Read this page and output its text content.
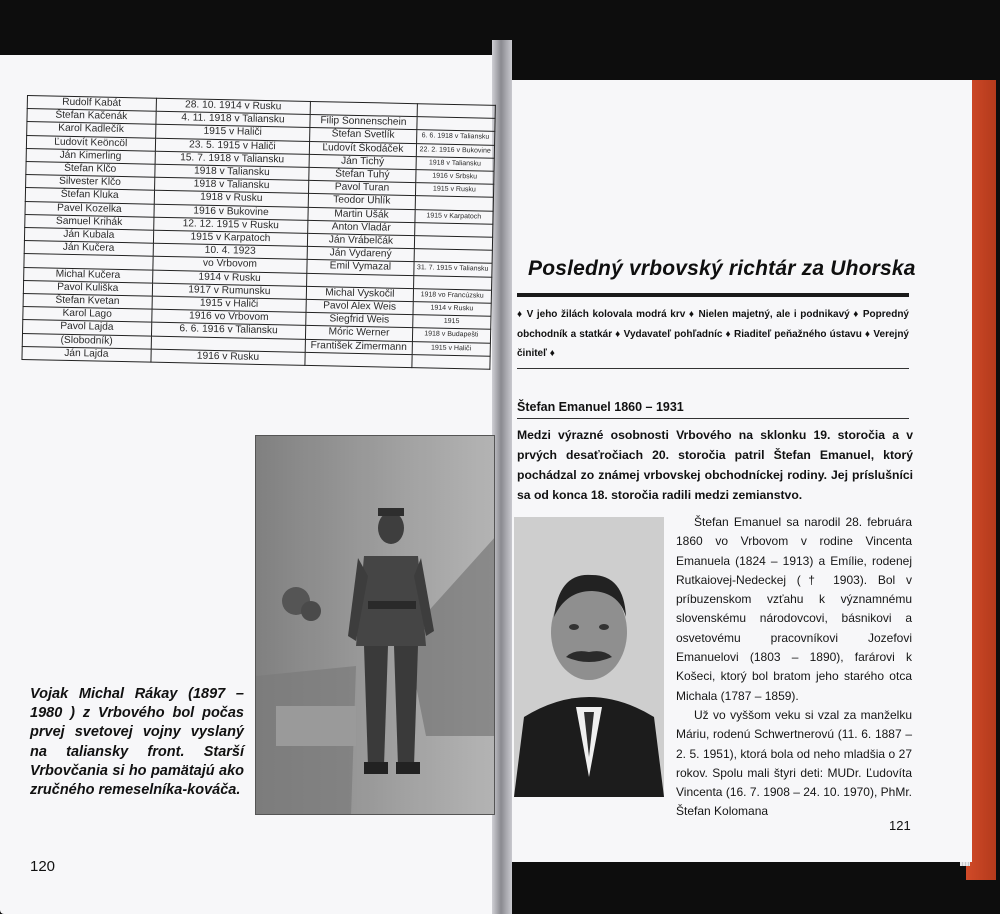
Rudolf Kabát	28. 10. 1914 v Rusku		
Štefan Kačenák	4. 11. 1918 v Taliansku	Filip Sonnenschein	
Karol Kadlečík	1915 v Haliči	Štefan Svetlík	6. 6. 1918 v Taliansku
Ľudovít Keöncöl	23. 5. 1915 v Haliči	Ľudovít Škodáček	22. 2. 1916 v Bukovine
Ján Kimerling	15. 7. 1918 v Taliansku	Ján Tichý	1918 v Taliansku
Štefan Klčo	1918 v Taliansku	Štefan Tuhý	1916 v Srbsku
Silvester Klčo	1918 v Taliansku	Pavol Turan	1915 v Rusku
Štefan Kluka	1918 v Rusku	Teodor Uhlík	
Pavel Kozelka	1916 v Bukovine	Martin Ušák	1915 v Karpatoch
Samuel Krihák	12. 12. 1915 v Rusku	Anton Vladár	
Ján Kubala	1915 v Karpatoch	Ján Vrábelčák	
Ján Kučera	10. 4. 1923	Ján Vydarený	
	vo Vrbovom	Emil Vymazal	31. 7. 1915 v Taliansku
Michal Kučera	1914 v Rusku		
Pavol Kuliška	1917 v Rumunsku	Michal Vyskočil	1918 vo Francúzsku
Štefan Kvetan	1915 v Haliči	Pavol Alex Weis	1914 v Rusku
Karol Lago	1916 vo Vrbovom	Siegfrid Weis	1915
Pavol Lajda	6. 6. 1916 v Taliansku	Móric Werner	1918 v Budapešti
(Slobodník)		František Zimermann	1915 v Haliči
Ján Lajda	1916 v Rusku		
Vojak Michal Rákay (1897 – 1980 ) z Vrbového bol počas prvej svetovej vojny vyslaný na taliansky front. Starší Vrbovčania si ho pamätajú ako zručného remeselníka-kováča.
120
Posledný vrbovský richtár za Uhorska
♦ V jeho žilách kolovala modrá krv ♦ Nielen majetný, ale i podnikavý ♦ Popredný obchodník a statkár ♦ Vydavateľ pohľadníc ♦ Riaditeľ peňažného ústavu ♦ Verejný činiteľ ♦
Štefan Emanuel 1860 – 1931
Medzi výrazné osobnosti Vrbového na sklonku 19. storočia a v prvých desaťročiach 20. storočia patril Štefan Emanuel, ktorý pochádzal zo známej vrbovskej obchodníckej rodiny. Jej príslušníci sa od konca 18. storočia radili medzi zemianstvo.

Štefan Emanuel sa narodil 28. februára 1860 vo Vrbovom v rodine Vincenta Emanuela (1824 – 1913) a Emílie, rodenej Rutkaiovej-Nedeckej († 1903). Bol v príbuzenskom vzťahu k významnému slovenskému národovcovi, básnikovi a osvetovému pracovníkovi Jozefovi Emanuelovi (1803 – 1890), farárovi k Košeci, ktorý bol bratom jeho starého otca Michala (1787 – 1859).

Už vo vyššom veku si vzal za manželku Máriu, rodenú Schwertnerovú (11. 6. 1887 – 2. 5. 1951), ktorá bola od neho mladšia o 27 rokov. Spolu mali štyri deti: MUDr. Ľudovíta Vincenta (16. 7. 1908 – 24. 10. 1970), PhMr. Štefan Kolomana

121
